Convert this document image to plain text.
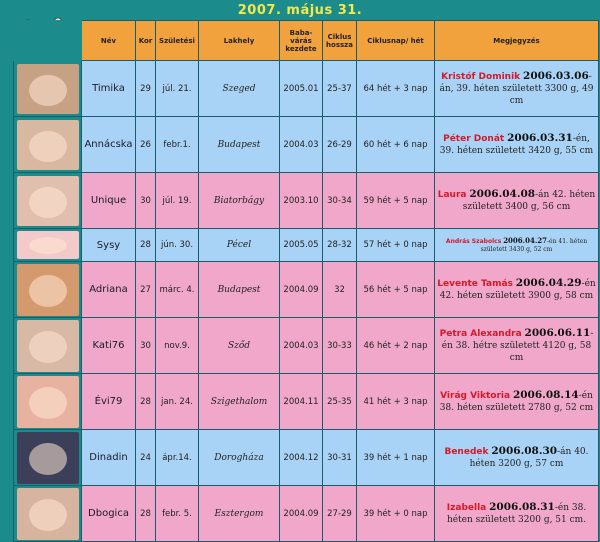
2007. május 31.
	Név	Kor	Születési	Lakhely	Baba-várás kezdete	Ciklus hossza	Ciklusnap/ hét	Megjegyzés

	Timika	29	júl. 21.	Szeged	2005.01	25-37	64 hét + 3 nap	Kristóf Dominik 2006.03.06-án, 39. héten született 3300 g, 49 cm

	Annácska	26	febr.1.	Budapest	2004.03	26-29	60 hét + 6 nap	Péter Donát 2006.03.31-én, 39. héten született 3420 g, 55 cm

	Unique	30	júl. 19.	Biatorbágy	2003.10	30-34	59 hét + 5 nap	Laura 2006.04.08-án 42. héten született 3400 g, 56 cm

	Sysy	28	jún. 30.	Pécel	2005.05	28-32	57 hét + 0 nap	András Szabolcs 2006.04.27-én 41. héten született 3430 g, 52 cm

	Adriana	27	márc. 4.	Budapest	2004.09	32	56 hét + 5 nap	Levente Tamás 2006.04.29-én 42. héten született 3900 g, 58 cm

	Kati76	30	nov.9.	Sződ	2004.03	30-33	46 hét + 2 nap	Petra Alexandra 2006.06.11-én 38. hétre született 4120 g, 58 cm

	Évi79	28	jan. 24.	Szigethalom	2004.11	25-35	41 hét + 3 nap	Virág Viktoria 2006.08.14-én 38. héten született 2780 g, 52 cm

	Dinadin	24	ápr.14.	Dorogháza	2004.12	30-31	39 hét + 1 nap	Benedek 2006.08.30-án 40. héten 3200 g, 57 cm

	Dbogica	28	febr. 5.	Esztergom	2004.09	27-29	39 hét + 0 nap	Izabella 2006.08.31-én 38. héten született 3200 g, 51 cm.
